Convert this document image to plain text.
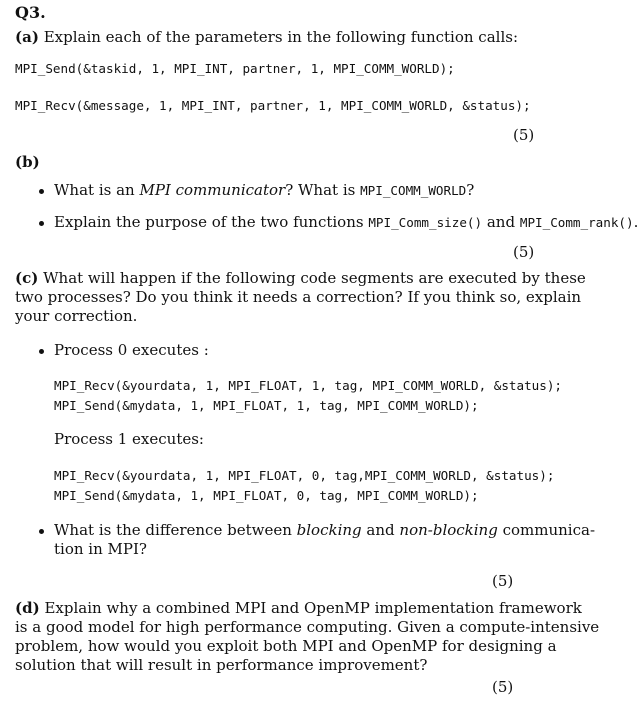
Q3.
(a) Explain each of the parameters in the following function calls:
MPI_Send(&taskid, 1, MPI_INT, partner, 1, MPI_COMM_WORLD);
MPI_Recv(&message, 1, MPI_INT, partner, 1, MPI_COMM_WORLD, &status);
(5)
(b)
What is an MPI communicator? What is MPI_COMM_WORLD?
Explain the purpose of the two functions MPI_Comm_size() and MPI_Comm_rank().
(5)
(c) What will happen if the following code segments are executed by these
two processes? Do you think it needs a correction? If you think so, explain
your correction.
Process 0 executes :
MPI_Recv(&yourdata, 1, MPI_FLOAT, 1, tag, MPI_COMM_WORLD, &status);
MPI_Send(&mydata, 1, MPI_FLOAT, 1, tag, MPI_COMM_WORLD);
Process 1 executes:
MPI_Recv(&yourdata, 1, MPI_FLOAT, 0, tag,MPI_COMM_WORLD, &status);
MPI_Send(&mydata, 1, MPI_FLOAT, 0, tag, MPI_COMM_WORLD);
What is the difference between blocking and non-blocking communica-
tion in MPI?
(5)
(d) Explain why a combined MPI and OpenMP implementation framework
is a good model for high performance computing. Given a compute-intensive
problem, how would you exploit both MPI and OpenMP for designing a
solution that will result in performance improvement?
(5)
